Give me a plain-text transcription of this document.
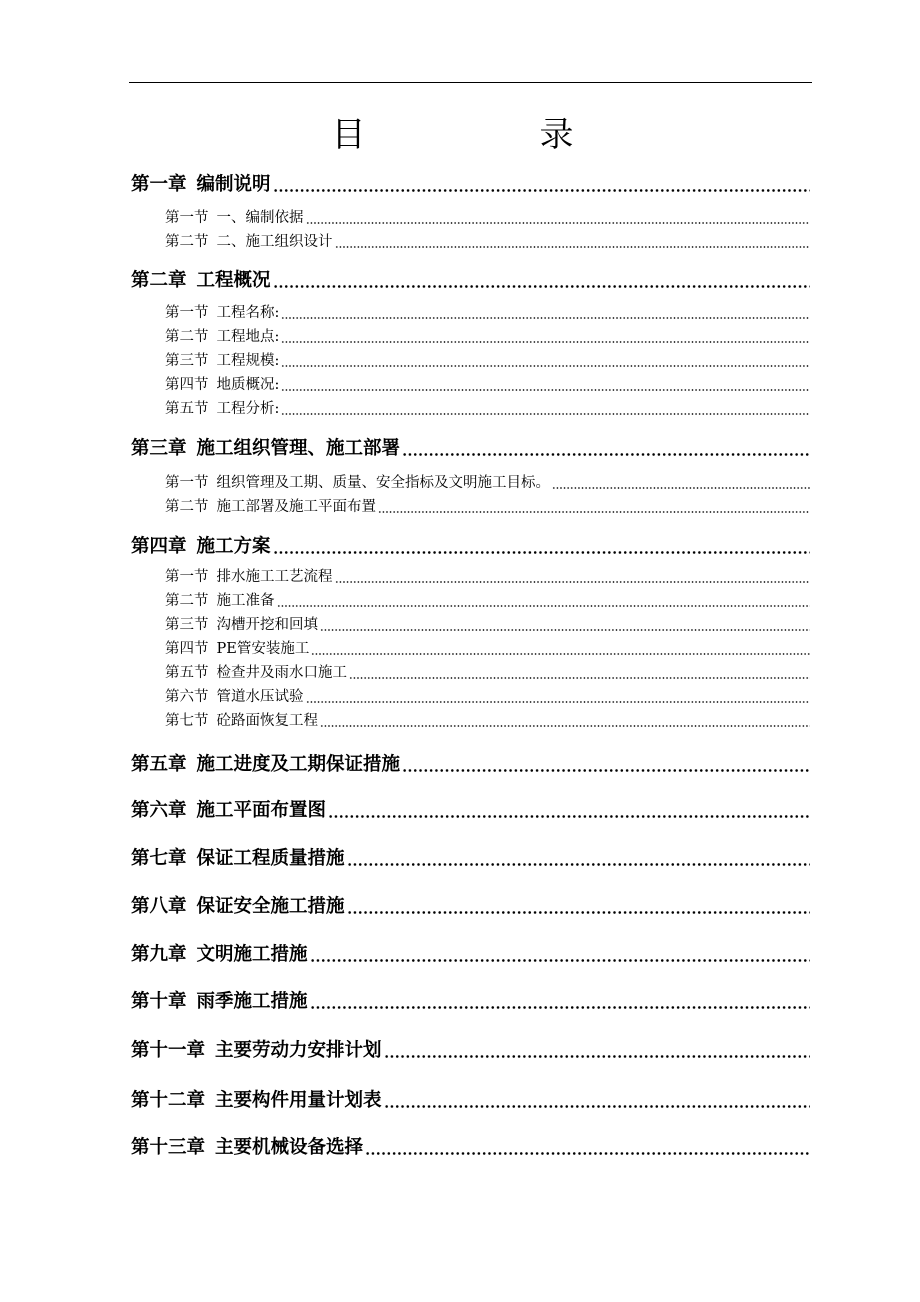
目　录
第一章 编制说明
第一节 一、编制依据
第二节 二、施工组织设计
第二章 工程概况
第一节 工程名称:
第二节 工程地点:
第三节 工程规模:
第四节 地质概况:
第五节 工程分析:
第三章 施工组织管理、施工部署
第一节 组织管理及工期、质量、安全指标及文明施工目标。
第二节 施工部署及施工平面布置
第四章 施工方案
第一节 排水施工工艺流程
第二节 施工准备
第三节 沟槽开挖和回填
第四节 PE管安装施工
第五节 检查井及雨水口施工
第六节 管道水压试验
第七节 砼路面恢复工程
第五章 施工进度及工期保证措施
第六章 施工平面布置图
第七章 保证工程质量措施
第八章 保证安全施工措施
第九章 文明施工措施
第十章 雨季施工措施
第十一章 主要劳动力安排计划
第十二章 主要构件用量计划表
第十三章 主要机械设备选择
